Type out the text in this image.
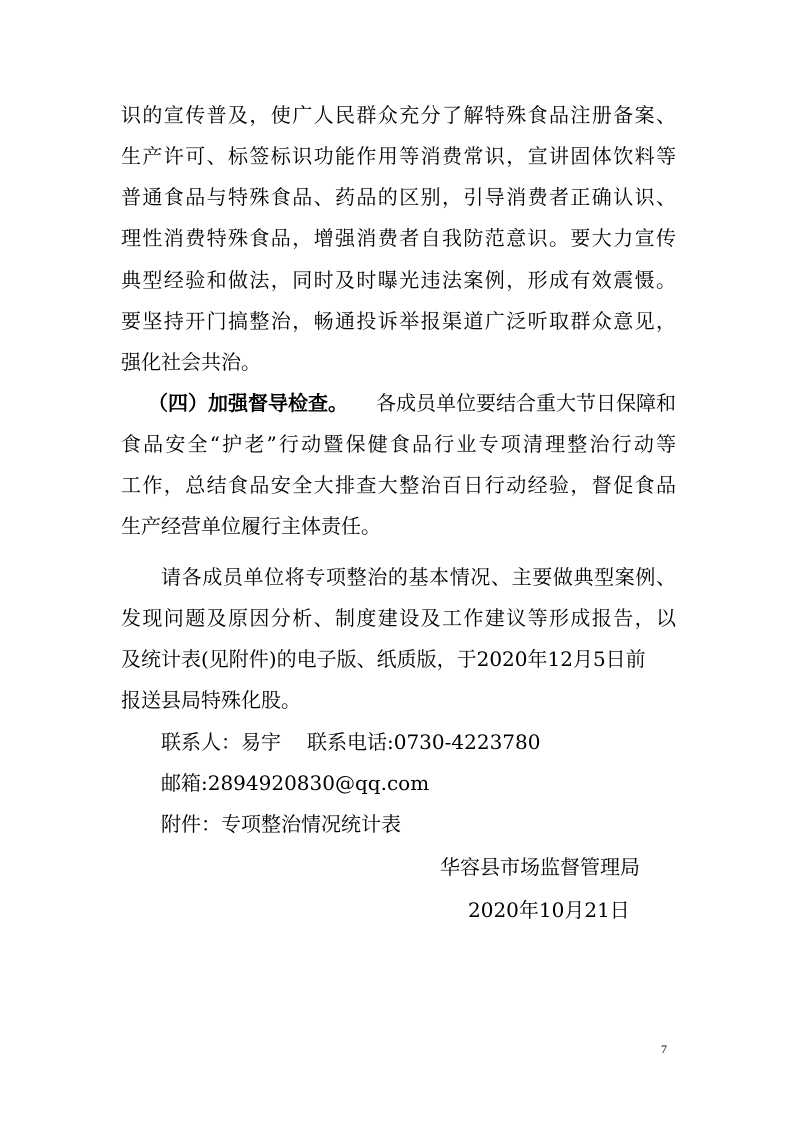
识的宣传普及，使广人民群众充分了解特殊食品注册备案、
生产许可、标签标识功能作用等消费常识，宣讲固体饮料等
普通食品与特殊食品、药品的区别，引导消费者正确认识、
理性消费特殊食品，增强消费者自我防范意识。要大力宣传
典型经验和做法，同时及时曝光违法案例，形成有效震慑。
要坚持开门搞整治，畅通投诉举报渠道广泛听取群众意见，
强化社会共治。
（四）加强督导检查。 各成员单位要结合重大节日保障和
食品安全“护老”行动暨保健食品行业专项清理整治行动等
工作，总结食品安全大排查大整治百日行动经验，督促食品
生产经营单位履行主体责任。
请各成员单位将专项整治的基本情况、主要做典型案例、
发现问题及原因分析、制度建设及工作建议等形成报告，以
及统计表(见附件)的电子版、纸质版，于2020年12月5日前
报送县局特殊化股。
联系人：易宇 联系电话:0730-4223780
邮箱:2894920830@qq.com
附件：专项整治情况统计表
华容县市场监督管理局
2020年10月21日
7
